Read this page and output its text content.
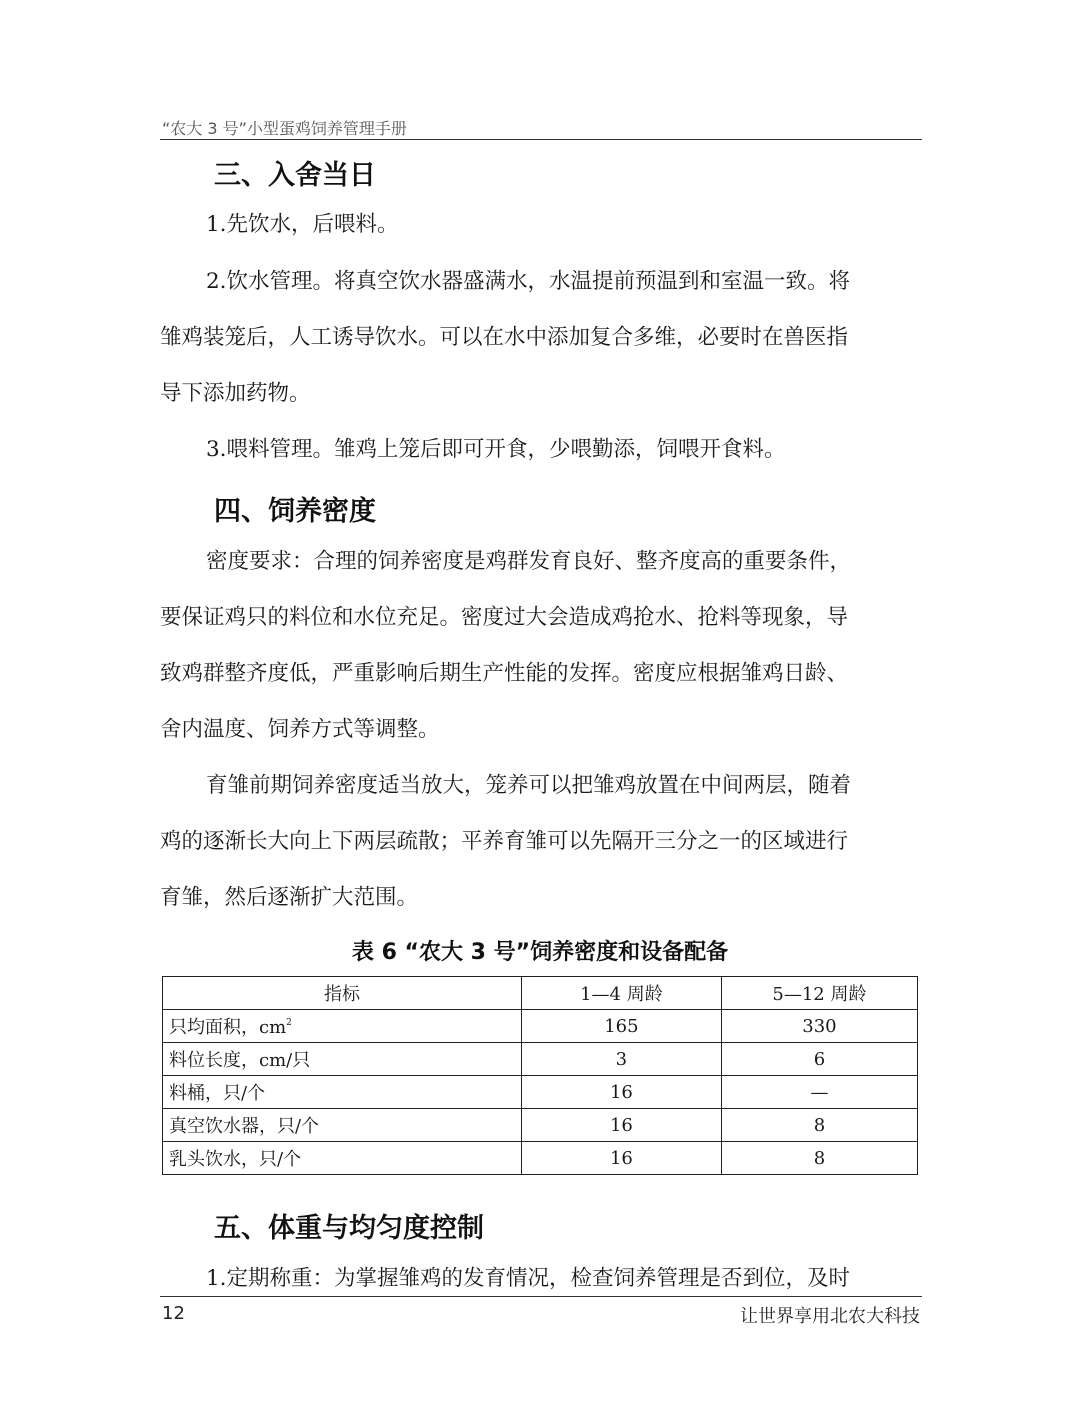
“农大 3 号”小型蛋鸡饲养管理手册
三、入舍当日
1.先饮水，后喂料。
2.饮水管理。将真空饮水器盛满水，水温提前预温到和室温一致。将
雏鸡装笼后，人工诱导饮水。可以在水中添加复合多维，必要时在兽医指
导下添加药物。
3.喂料管理。雏鸡上笼后即可开食，少喂勤添，饲喂开食料。
四、饲养密度
密度要求：合理的饲养密度是鸡群发育良好、整齐度高的重要条件，
要保证鸡只的料位和水位充足。密度过大会造成鸡抢水、抢料等现象，导
致鸡群整齐度低，严重影响后期生产性能的发挥。密度应根据雏鸡日龄、
舍内温度、饲养方式等调整。
育雏前期饲养密度适当放大，笼养可以把雏鸡放置在中间两层，随着
鸡的逐渐长大向上下两层疏散；平养育雏可以先隔开三分之一的区域进行
育雏，然后逐渐扩大范围。
表 6 “农大 3 号”饲养密度和设备配备
指标	1—4 周龄	5—12 周龄
只均面积，$cm^2$	165	330
料位长度，cm/只	3	6
料桶，只/个	16	—
真空饮水器，只/个	16	8
乳头饮水，只/个	16	8
五、体重与均匀度控制
1.定期称重：为掌握雏鸡的发育情况，检查饲养管理是否到位，及时
12	让世界享用北农大科技
